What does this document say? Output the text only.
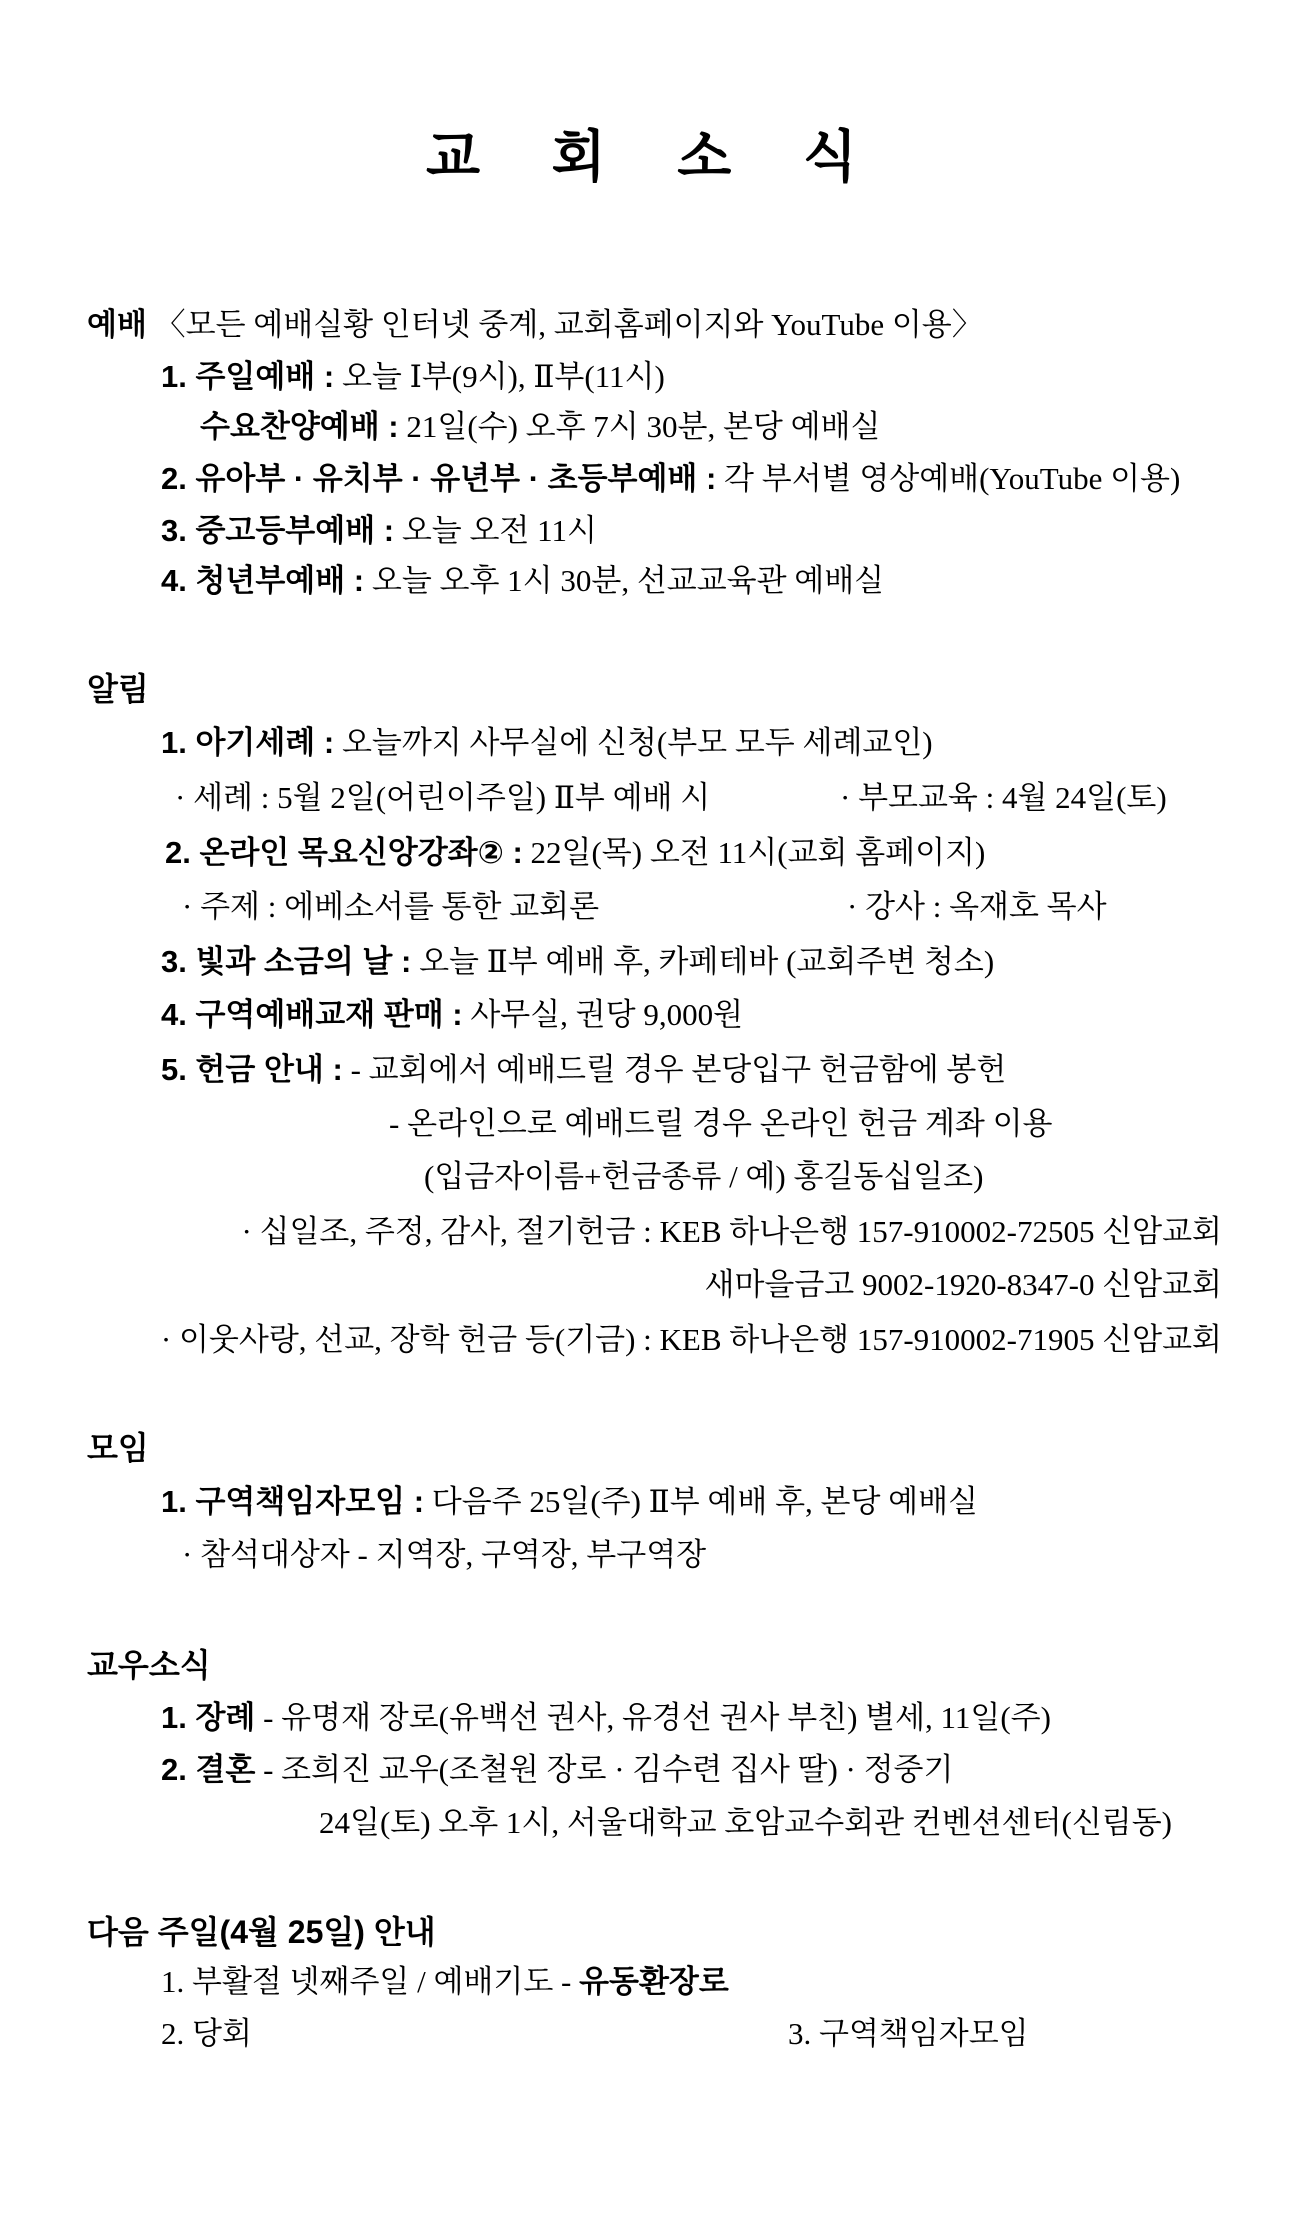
교 회 소 식
예배 〈모든 예배실황 인터넷 중계, 교회홈페이지와 YouTube 이용〉
1. 주일예배 : 오늘 Ⅰ부(9시), Ⅱ부(11시)
수요찬양예배 : 21일(수) 오후 7시 30분, 본당 예배실
2. 유아부 · 유치부 · 유년부 · 초등부예배 : 각 부서별 영상예배(YouTube 이용)
3. 중고등부예배 : 오늘 오전 11시
4. 청년부예배 : 오늘 오후 1시 30분, 선교교육관 예배실
알림
1. 아기세례 : 오늘까지 사무실에 신청(부모 모두 세례교인)
· 세례 : 5월 2일(어린이주일) Ⅱ부 예배 시	· 부모교육 : 4월 24일(토)
2. 온라인 목요신앙강좌② : 22일(목) 오전 11시(교회 홈페이지)
· 주제 : 에베소서를 통한 교회론	· 강사 : 옥재호 목사
3. 빛과 소금의 날 : 오늘 Ⅱ부 예배 후, 카페테바 (교회주변 청소)
4. 구역예배교재 판매 : 사무실, 권당 9,000원
5. 헌금 안내 : - 교회에서 예배드릴 경우 본당입구 헌금함에 봉헌
- 온라인으로 예배드릴 경우 온라인 헌금 계좌 이용
(입금자이름+헌금종류 / 예) 홍길동십일조)
· 십일조, 주정, 감사, 절기헌금 : KEB 하나은행 157-910002-72505 신암교회
새마을금고 9002-1920-8347-0 신암교회
· 이웃사랑, 선교, 장학 헌금 등(기금) : KEB 하나은행 157-910002-71905 신암교회
모임
1. 구역책임자모임 : 다음주 25일(주) Ⅱ부 예배 후, 본당 예배실
· 참석대상자 - 지역장, 구역장, 부구역장
교우소식
1. 장례 - 유명재 장로(유백선 권사, 유경선 권사 부친) 별세, 11일(주)
2. 결혼 - 조희진 교우(조철원 장로 · 김수련 집사 딸) · 정중기
24일(토) 오후 1시, 서울대학교 호암교수회관 컨벤션센터(신림동)
다음 주일(4월 25일) 안내
1. 부활절 넷째주일 / 예배기도 - 유동환장로
2. 당회	3. 구역책임자모임
